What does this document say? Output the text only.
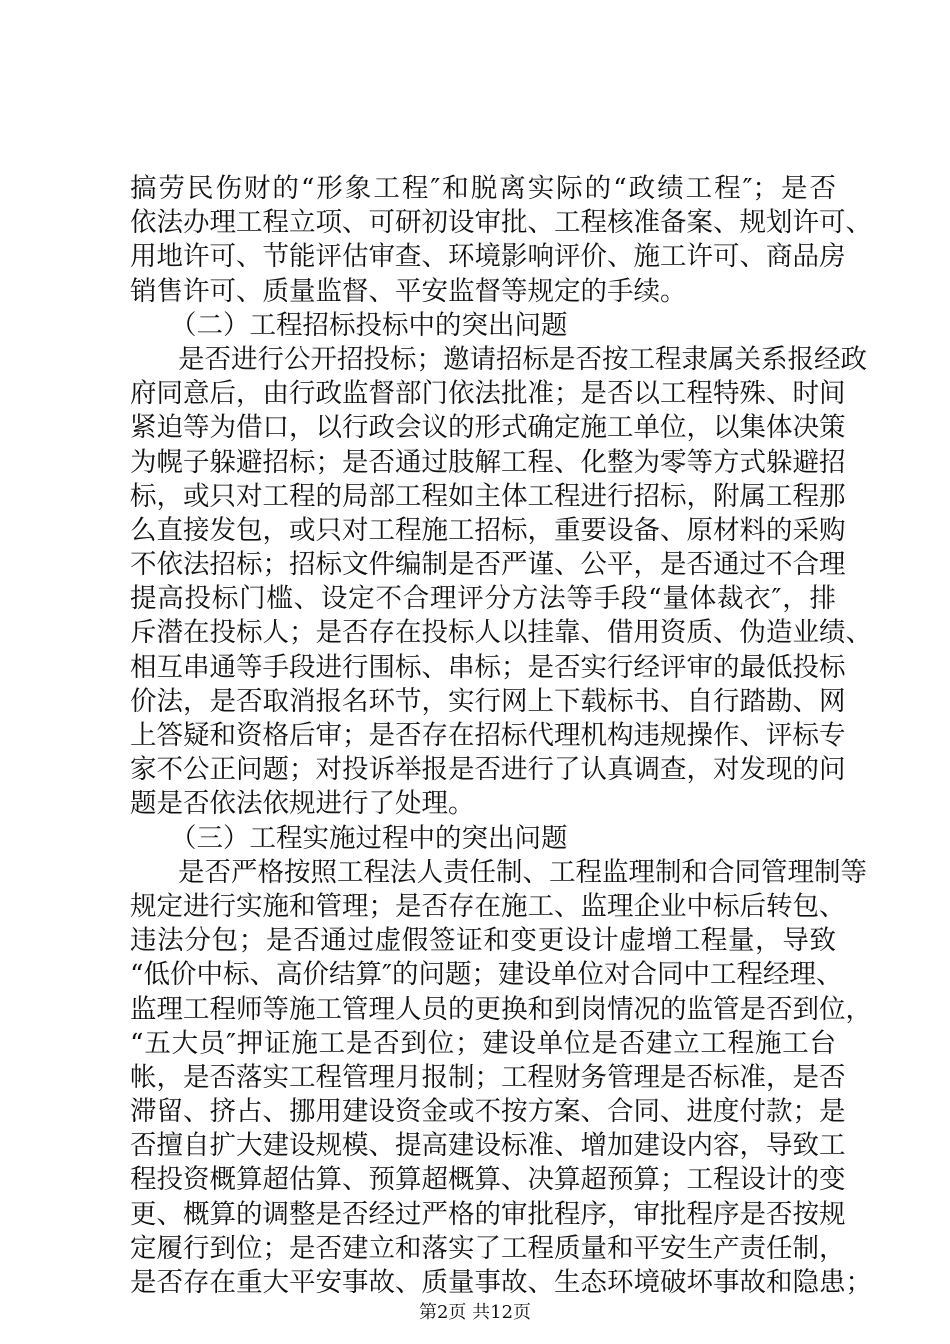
搞劳民伤财的“形象工程″和脱离实际的“政绩工程″；是否
依法办理工程立项、可研初设审批、工程核准备案、规划许可、
用地许可、节能评估审查、环境影响评价、施工许可、商品房
销售许可、质量监督、平安监督等规定的手续。
（二）工程招标投标中的突出问题
是否进行公开招投标；邀请招标是否按工程隶属关系报经政
府同意后，由行政监督部门依法批准；是否以工程特殊、时间
紧迫等为借口，以行政会议的形式确定施工单位，以集体决策
为幌子躲避招标；是否通过肢解工程、化整为零等方式躲避招
标，或只对工程的局部工程如主体工程进行招标，附属工程那
么直接发包，或只对工程施工招标，重要设备、原材料的采购
不依法招标；招标文件编制是否严谨、公平，是否通过不合理
提高投标门槛、设定不合理评分方法等手段“量体裁衣″，排
斥潜在投标人；是否存在投标人以挂靠、借用资质、伪造业绩、
相互串通等手段进行围标、串标；是否实行经评审的最低投标
价法，是否取消报名环节，实行网上下载标书、自行踏勘、网
上答疑和资格后审；是否存在招标代理机构违规操作、评标专
家不公正问题；对投诉举报是否进行了认真调查，对发现的问
题是否依法依规进行了处理。
（三）工程实施过程中的突出问题
是否严格按照工程法人责任制、工程监理制和合同管理制等
规定进行实施和管理；是否存在施工、监理企业中标后转包、
违法分包；是否通过虚假签证和变更设计虚增工程量，导致
“低价中标、高价结算″的问题；建设单位对合同中工程经理、
监理工程师等施工管理人员的更换和到岗情况的监管是否到位，
“五大员″押证施工是否到位；建设单位是否建立工程施工台
帐，是否落实工程管理月报制；工程财务管理是否标准，是否
滞留、挤占、挪用建设资金或不按方案、合同、进度付款；是
否擅自扩大建设规模、提高建设标准、增加建设内容，导致工
程投资概算超估算、预算超概算、决算超预算；工程设计的变
更、概算的调整是否经过严格的审批程序，审批程序是否按规
定履行到位；是否建立和落实了工程质量和平安生产责任制，
是否存在重大平安事故、质量事故、生态环境破坏事故和隐患；
第2页 共12页
